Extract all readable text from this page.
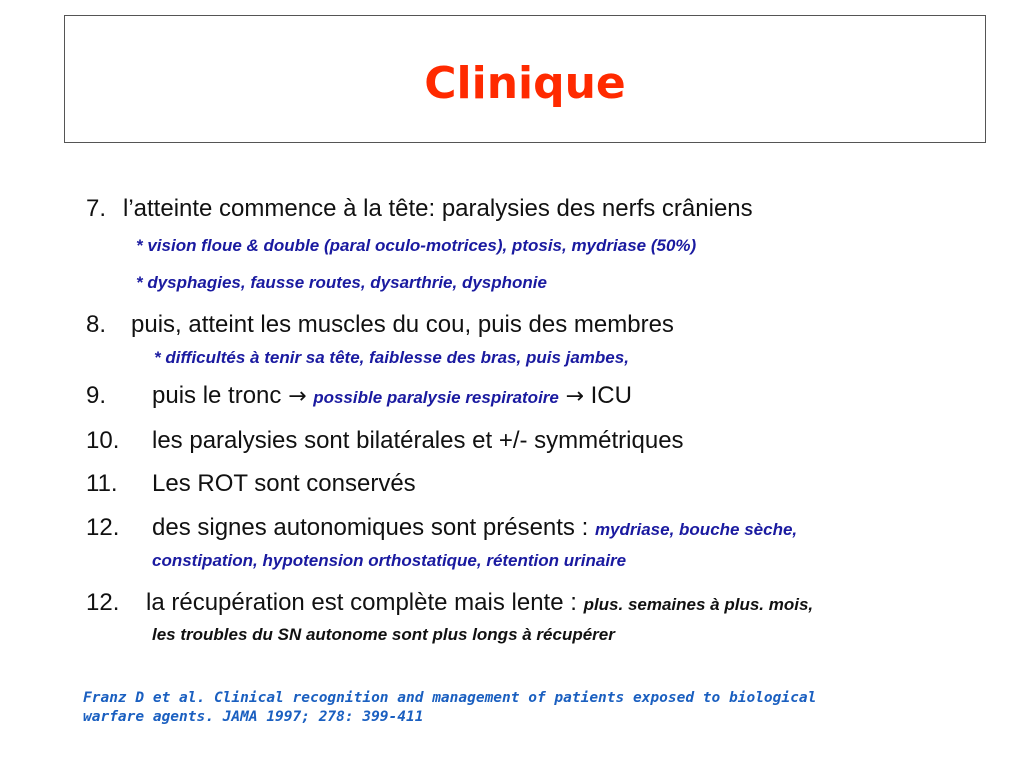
Clinique
7. l’atteinte commence à la tête: paralysies des nerfs crâniens
* vision floue & double (paral oculo-motrices), ptosis, mydriase (50%)
* dysphagies, fausse routes, dysarthrie, dysphonie
8. puis, atteint les muscles du cou, puis des membres
* difficultés à tenir sa tête, faiblesse des bras, puis jambes,
9. puis le tronc → possible paralysie respiratoire → ICU
10. les paralysies sont bilatérales et +/- symmétriques
11. Les ROT sont conservés
12. des signes autonomiques sont présents : mydriase, bouche sèche,
constipation, hypotension orthostatique, rétention urinaire
12. la récupération est complète mais lente : plus. semaines à plus. mois,
les troubles du SN autonome sont plus longs à récupérer
Franz D et al. Clinical recognition and management of patients exposed to biological
warfare agents. JAMA 1997; 278: 399-411
